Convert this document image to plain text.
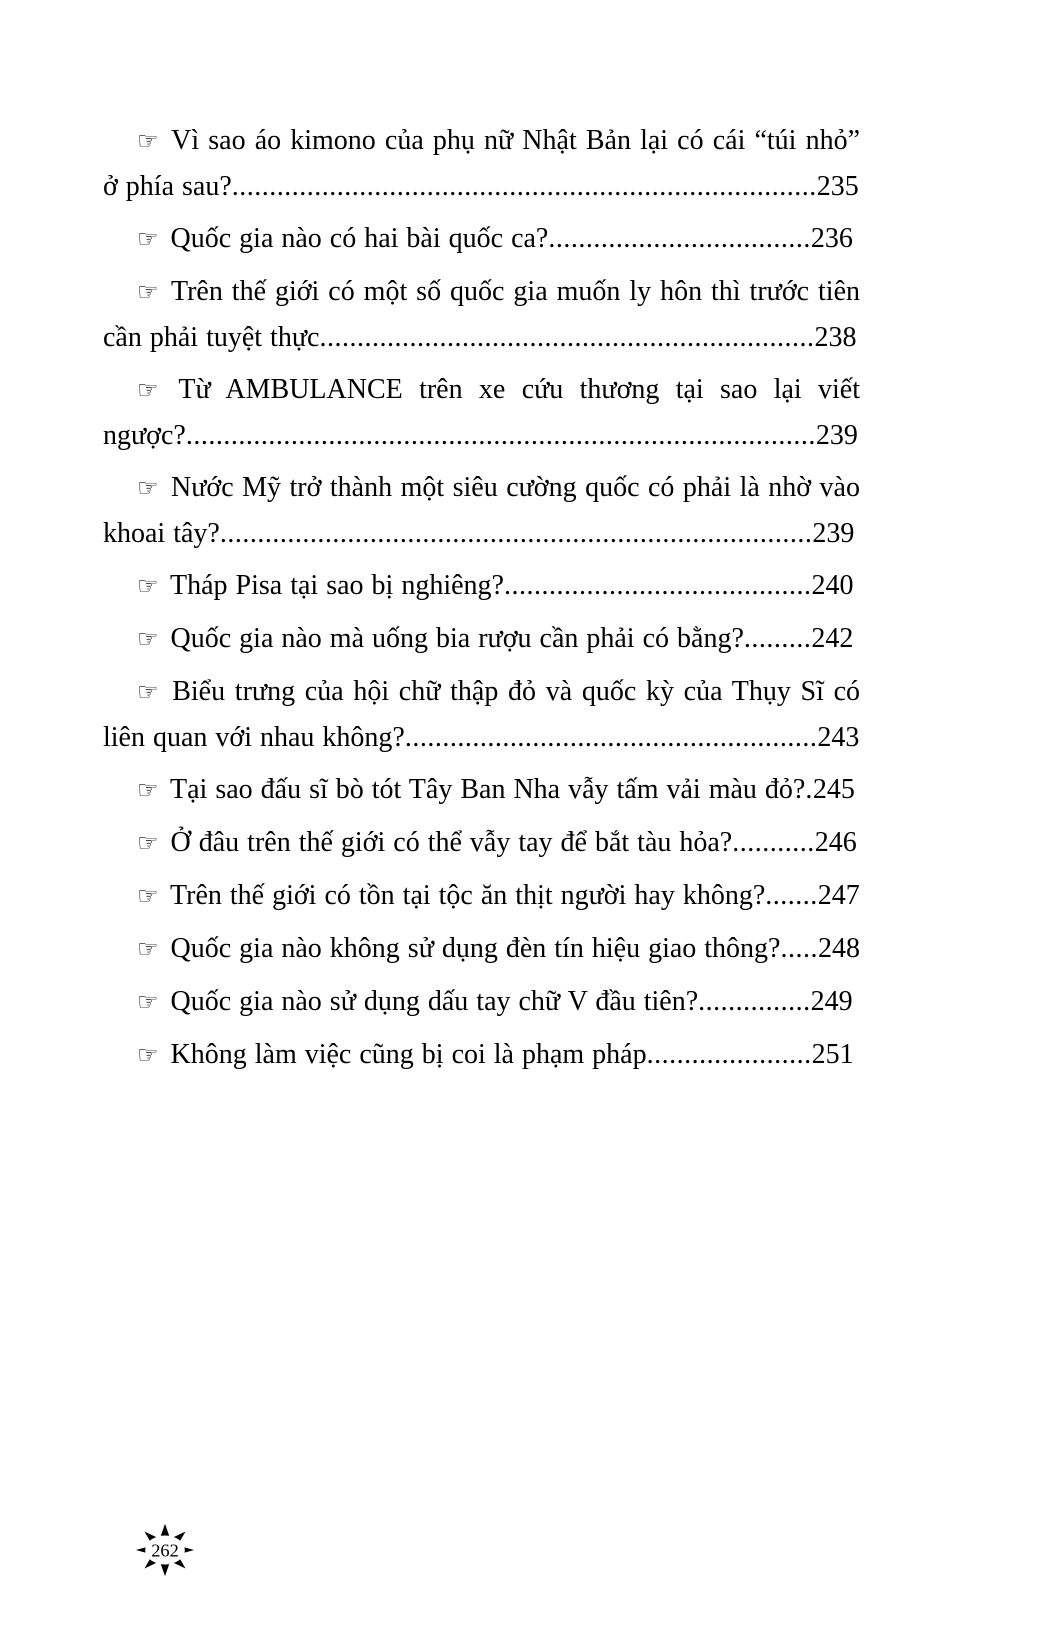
☞ Vì sao áo kimono của phụ nữ Nhật Bản lại có cái “túi nhỏ” ở phía sau?..............................................................................235

☞ Quốc gia nào có hai bài quốc ca?...................................236

☞ Trên thế giới có một số quốc gia muốn ly hôn thì trước tiên cần phải tuyệt thực..................................................................238

☞ Từ AMBULANCE trên xe cứu thương tại sao lại viết ngược?....................................................................................239

☞ Nước Mỹ trở thành một siêu cường quốc có phải là nhờ vào khoai tây?...............................................................................239

☞ Tháp Pisa tại sao bị nghiêng?.........................................240

☞ Quốc gia nào mà uống bia rượu cần phải có bằng?.........242

☞ Biểu trưng của hội chữ thập đỏ và quốc kỳ của Thụy Sĩ có liên quan với nhau không?.......................................................243

☞ Tại sao đấu sĩ bò tót Tây Ban Nha vẫy tấm vải màu đỏ?.245

☞ Ở đâu trên thế giới có thể vẫy tay để bắt tàu hỏa?...........246

☞ Trên thế giới có tồn tại tộc ăn thịt người hay không?.......247

☞ Quốc gia nào không sử dụng đèn tín hiệu giao thông?.....248

☞ Quốc gia nào sử dụng dấu tay chữ V đầu tiên?...............249

☞ Không làm việc cũng bị coi là phạm pháp......................251

262
